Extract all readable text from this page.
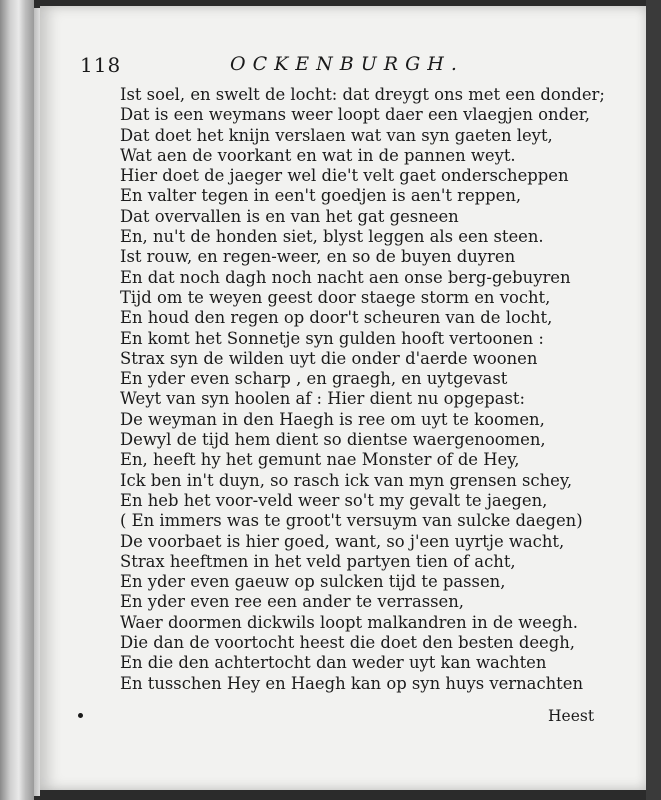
118	OCKENBURGH.
Ist soel, en swelt de locht: dat dreygt ons met een donder;
Dat is een weymans weer loopt daer een vlaegjen onder,
Dat doet het knijn verslaen wat van syn gaeten leyt,
Wat aen de voorkant en wat in de pannen weyt.
Hier doet de jaeger wel die't velt gaet onderscheppen
En valter tegen in een't goedjen is aen't reppen,
Dat overvallen is en van het gat gesneen
En, nu't de honden siet, blyst leggen als een steen.
Ist rouw, en regen-weer, en so de buyen duyren
En dat noch dagh noch nacht aen onse berg-gebuyren
Tijd om te weyen geest door staege storm en vocht,
En houd den regen op door't scheuren van de locht,
En komt het Sonnetje syn gulden hooft vertoonen :
Strax syn de wilden uyt die onder d'aerde woonen
En yder even scharp , en graegh, en uytgevast
Weyt van syn hoolen af : Hier dient nu opgepast:
De weyman in den Haegh is ree om uyt te koomen,
Dewyl de tijd hem dient so dientse waergenoomen,
En, heeft hy het gemunt nae Monster of de Hey,
Ick ben in't duyn, so rasch ick van myn grensen schey,
En heb het voor-veld weer so't my gevalt te jaegen,
( En immers was te groot't versuym van sulcke daegen)
De voorbaet is hier goed, want, so j'een uyrtje wacht,
Strax heeftmen in het veld partyen tien of acht,
En yder even gaeuw op sulcken tijd te passen,
En yder even ree een ander te verrassen,
Waer doormen dickwils loopt malkandren in de weegh.
Die dan de voortocht heest die doet den besten deegh,
En die den achtertocht dan weder uyt kan wachten
En tusschen Hey en Haegh kan op syn huys vernachten
Heest
